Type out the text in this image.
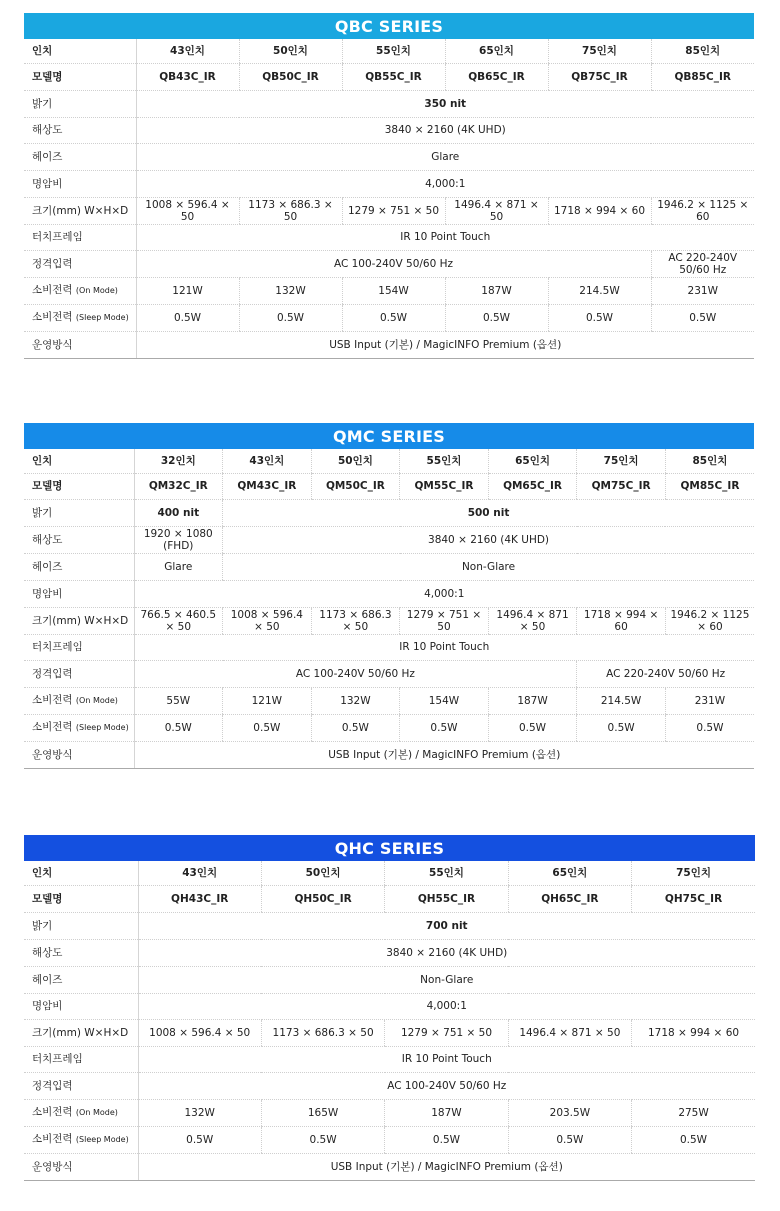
QBC SERIES
인치	43인치	50인치	55인치	65인치	75인치	85인치
모델명	QB43C_IR	QB50C_IR	QB55C_IR	QB65C_IR	QB75C_IR	QB85C_IR
밝기	350 nit					
해상도	3840 × 2160 (4K UHD)					
헤이즈	Glare					
명암비	4,000:1					
크기(mm) W×H×D	1008 × 596.4 × 50	1173 × 686.3 × 50	1279 × 751 × 50	1496.4 × 871 × 50	1718 × 994 × 60	1946.2 × 1125 × 60
터치프레임	IR 10 Point Touch					
정격입력	AC 100-240V 50/60 Hz					AC 220-240V 50/60 Hz
소비전력 (On Mode)	121W	132W	154W	187W	214.5W	231W
소비전력 (Sleep Mode)	0.5W	0.5W	0.5W	0.5W	0.5W	0.5W
운영방식	USB Input (기본) / MagicINFO Premium (옵션)					
QMC SERIES
인치	32인치	43인치	50인치	55인치	65인치	75인치	85인치
모델명	QM32C_IR	QM43C_IR	QM50C_IR	QM55C_IR	QM65C_IR	QM75C_IR	QM85C_IR
밝기	400 nit	500 nit					
해상도	1920 × 1080 (FHD)	3840 × 2160 (4K UHD)					
헤이즈	Glare	Non-Glare					
명암비	4,000:1						
크기(mm) W×H×D	766.5 × 460.5 × 50	1008 × 596.4 × 50	1173 × 686.3 × 50	1279 × 751 × 50	1496.4 × 871 × 50	1718 × 994 × 60	1946.2 × 1125 × 60
터치프레임	IR 10 Point Touch						
정격입력	AC 100-240V 50/60 Hz					AC 220-240V 50/60 Hz	
소비전력 (On Mode)	55W	121W	132W	154W	187W	214.5W	231W
소비전력 (Sleep Mode)	0.5W	0.5W	0.5W	0.5W	0.5W	0.5W	0.5W
운영방식	USB Input (기본) / MagicINFO Premium (옵션)						
QHC SERIES
인치	43인치	50인치	55인치	65인치	75인치
모델명	QH43C_IR	QH50C_IR	QH55C_IR	QH65C_IR	QH75C_IR
밝기	700 nit				
해상도	3840 × 2160 (4K UHD)				
헤이즈	Non-Glare				
명암비	4,000:1				
크기(mm) W×H×D	1008 × 596.4 × 50	1173 × 686.3 × 50	1279 × 751 × 50	1496.4 × 871 × 50	1718 × 994 × 60
터치프레임	IR 10 Point Touch				
정격입력	AC 100-240V 50/60 Hz				
소비전력 (On Mode)	132W	165W	187W	203.5W	275W
소비전력 (Sleep Mode)	0.5W	0.5W	0.5W	0.5W	0.5W
운영방식	USB Input (기본) / MagicINFO Premium (옵션)				
